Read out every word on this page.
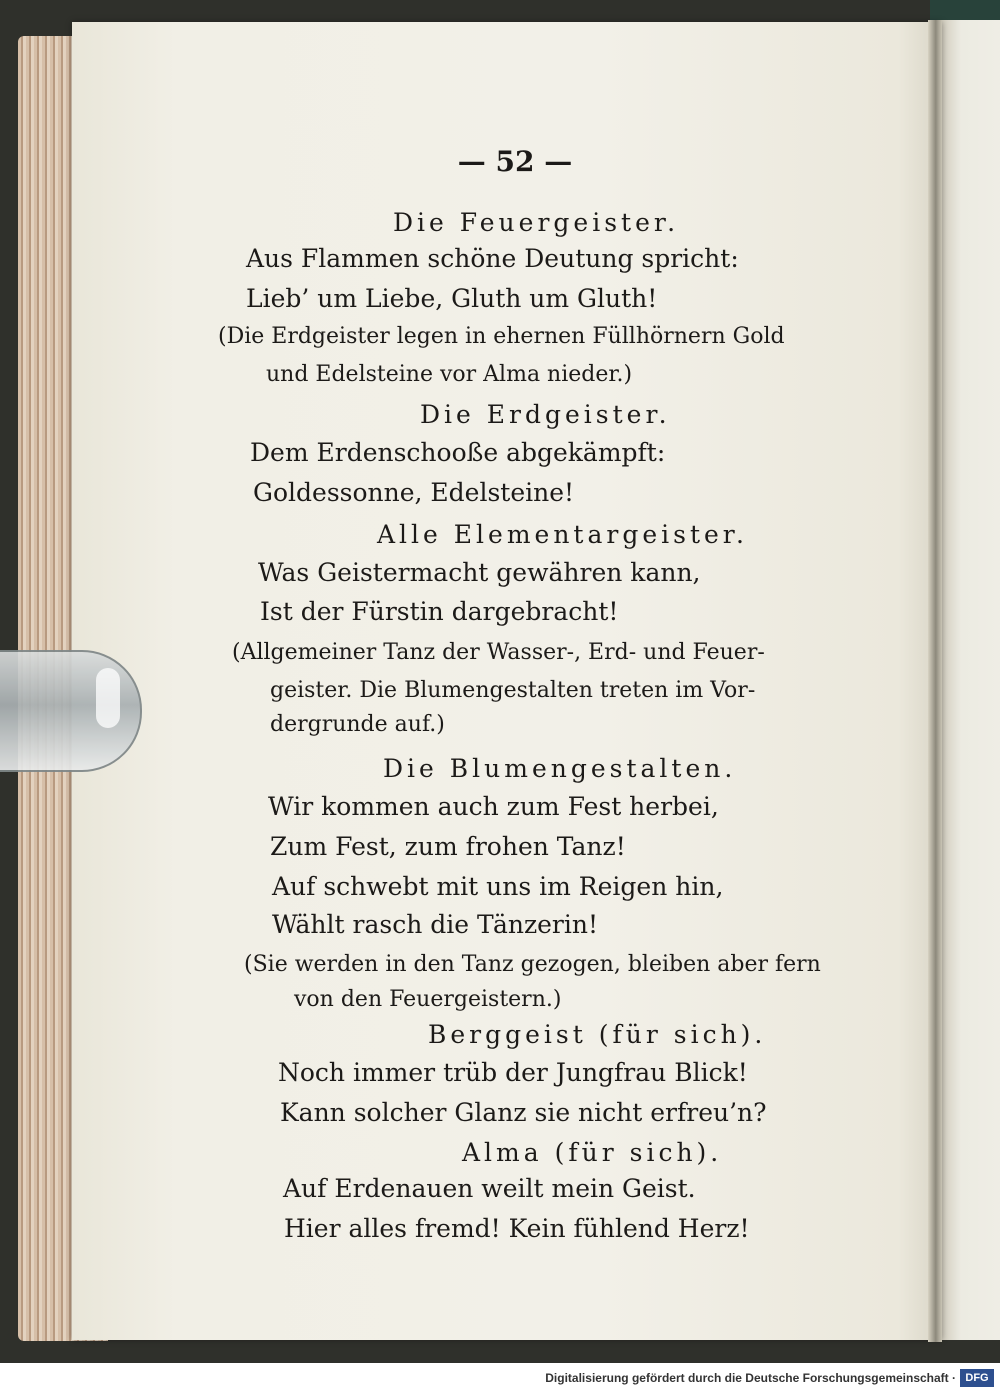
— 52 —
Die Feuergeister.
Aus Flammen schöne Deutung spricht:
Lieb’ um Liebe, Gluth um Gluth!
(Die Erdgeister legen in ehernen Füllhörnern Gold
und Edelsteine vor Alma nieder.)
Die Erdgeister.
Dem Erdenschooße abgekämpft:
Goldessonne, Edelsteine!
Alle Elementargeister.
Was Geistermacht gewähren kann,
Ist der Fürstin dargebracht!
(Allgemeiner Tanz der Wasser-, Erd- und Feuer-
geister. Die Blumengestalten treten im Vor-
dergrunde auf.)
Die Blumengestalten.
Wir kommen auch zum Fest herbei,
Zum Fest, zum frohen Tanz!
Auf schwebt mit uns im Reigen hin,
Wählt rasch die Tänzerin!
(Sie werden in den Tanz gezogen, bleiben aber fern
von den Feuergeistern.)
Berggeist (für sich).
Noch immer trüb der Jungfrau Blick!
Kann solcher Glanz sie nicht erfreu’n?
Alma (für sich).
Auf Erdenauen weilt mein Geist.
Hier alles fremd! Kein fühlend Herz!
Digitalisierung gefördert durch die Deutsche Forschungsgemeinschaft · DFG
